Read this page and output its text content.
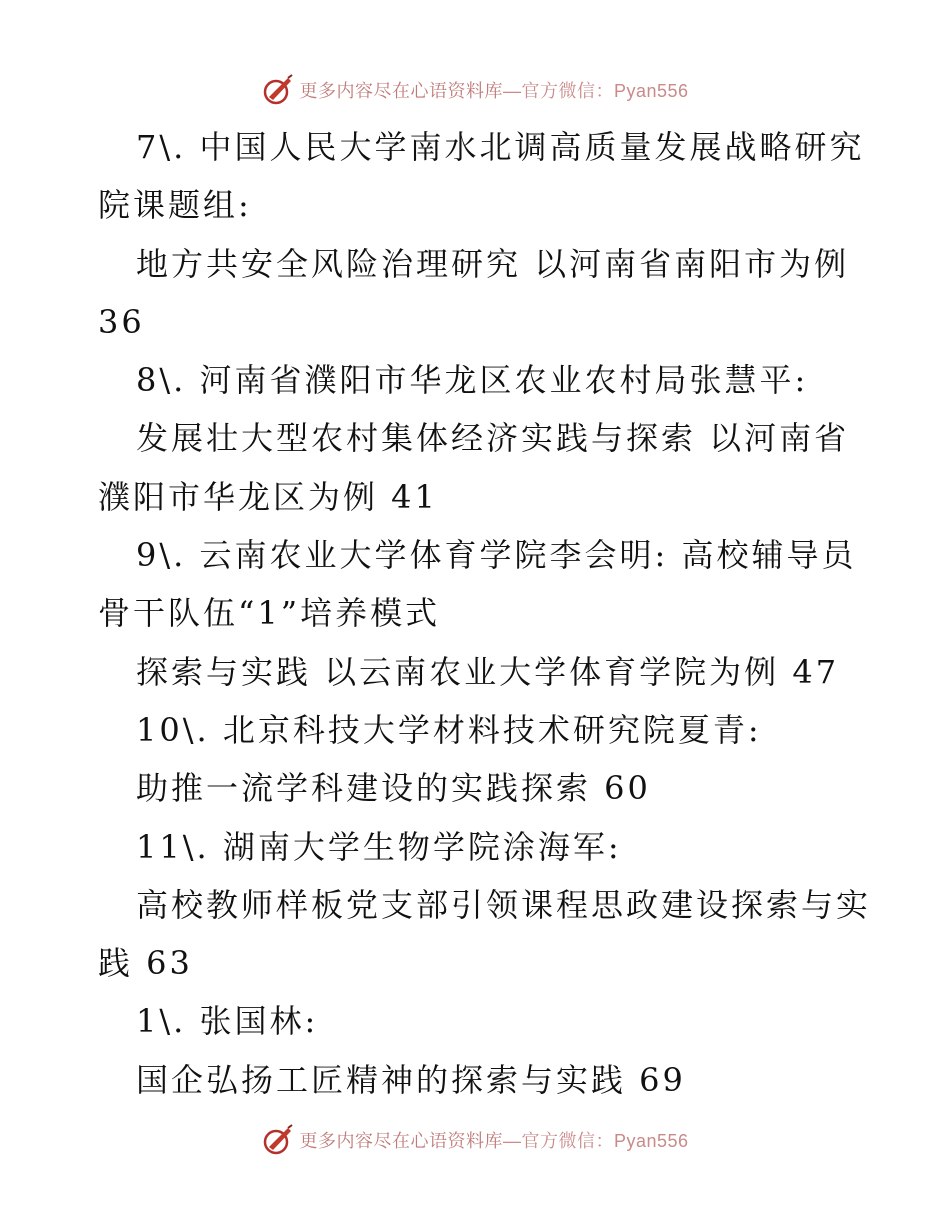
更多内容尽在心语资料库 —官方微信：Pyan556

7\. 中国人民大学南水北调高质量发展战略研究

院课题组:

地方共安全风险治理研究 以河南省南阳市为例

36

8\. 河南省濮阳市华龙区农业农村局张慧平:

发展壮大型农村集体经济实践与探索 以河南省

濮阳市华龙区为例 41

9\. 云南农业大学体育学院李会明: 高校辅导员

骨干队伍“1”培养模式

探索与实践 以云南农业大学体育学院为例 47

10\. 北京科技大学材料技术研究院夏青:

助推一流学科建设的实践探索 60

11\. 湖南大学生物学院涂海军:

高校教师样板党支部引领课程思政建设探索与实

践 63

1\. 张国林:

国企弘扬工匠精神的探索与实践 69

更多内容尽在心语资料库 —官方微信：Pyan556
